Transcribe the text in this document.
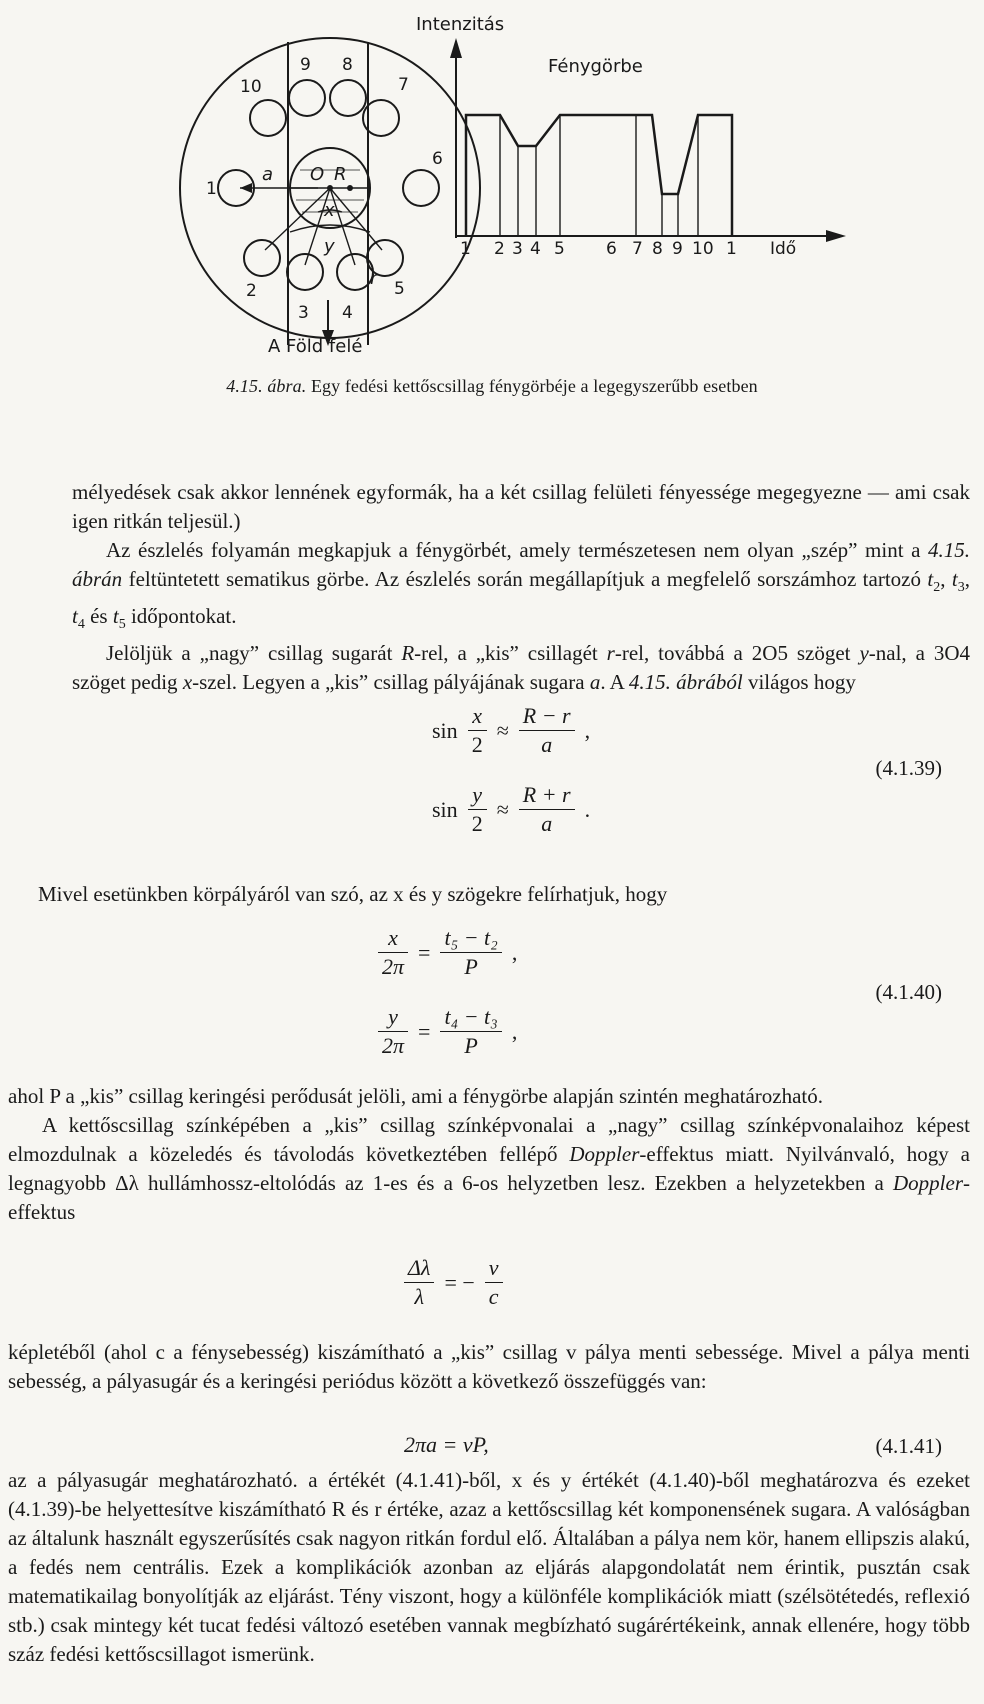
1
2
3 4
5
6
7
8
9
10
a O R
x
y
r
A Föld felé
Intenzitás
Fénygörbe
1 2 3 4 5 6 7 8 9 10 1 Idő
4.15. ábra. Egy fedési kettőscsillag fénygörbéje a legegyszerűbb esetben

mélyedések csak akkor lennének egyformák, ha a két csillag felületi fényessége megegyezne — ami csak igen ritkán teljesül.)

Az észlelés folyamán megkapjuk a fénygörbét, amely természetesen nem olyan „szép” mint a 4.15. ábrán feltüntetett sematikus görbe. Az észlelés során megállapítjuk a megfelelő sorszámhoz tartozó $t_2$, $t_3$, $t_4$ és $t_5$ időpontokat.

Jelöljük a „nagy” csillag sugarát R-rel, a „kis” csillagét r-rel, továbbá a 2O5 szöget y-nal, a 3O4 szöget pedig x-szel. Legyen a „kis” csillag pályájának sugara a. A 4.15. ábrából világos hogy

$\sin \frac{x}{2} \approx \frac{R - r}{a}$ ,
$\sin \frac{y}{2} \approx \frac{R + r}{a}$ .
(4.1.39)
Mivel esetünkben körpályáról van szó, az x és y szögekre felírhatjuk, hogy
$\frac{x}{2\pi} = \frac{\text{t₅ − t₂}}{P}$ ,
$\frac{y}{2\pi} = \frac{\text{t₄ − t₃}}{P}$ ,
(4.1.40)

ahol P a „kis” csillag keringési perődusát jelöli, ami a fénygörbe alapján szintén meghatározható.

A kettőscsillag színképében a „kis” csillag színképvonalai a „nagy” csillag színképvonalaihoz képest elmozdulnak a közeledés és távolodás következtében fellépő Doppler-effektus miatt. Nyilvánvaló, hogy a legnagyobb Δλ hullámhossz-eltolódás az 1-es és a 6-os helyzetben lesz. Ezekben a helyzetekben a Doppler-effektus

$\frac{\Delta\lambda}{\lambda}$ = − $\frac{v}{c}$
képletéből (ahol c a fénysebesség) kiszámítható a „kis” csillag v pálya menti sebessége. Mivel a pálya menti sebesség, a pályasugár és a keringési periódus között a következő összefüggés van:
2πa = vP,	(4.1.41)
az a pályasugár meghatározható. a értékét (4.1.41)-ből, x és y értékét (4.1.40)-ből meghatározva és ezeket (4.1.39)-be helyettesítve kiszámítható R és r értéke, azaz a kettőscsillag két komponensének sugara. A valóságban az általunk használt egyszerűsítés csak nagyon ritkán fordul elő. Általában a pálya nem kör, hanem ellipszis alakú, a fedés nem centrális. Ezek a komplikációk azonban az eljárás alapgondolatát nem érintik, pusztán csak matematikailag bonyolítják az eljárást. Tény viszont, hogy a különféle komplikációk miatt (szélsötétedés, reflexió stb.) csak mintegy két tucat fedési változó esetében vannak megbízható sugárértékeink, annak ellenére, hogy több száz fedési kettőscsillagot ismerünk.
